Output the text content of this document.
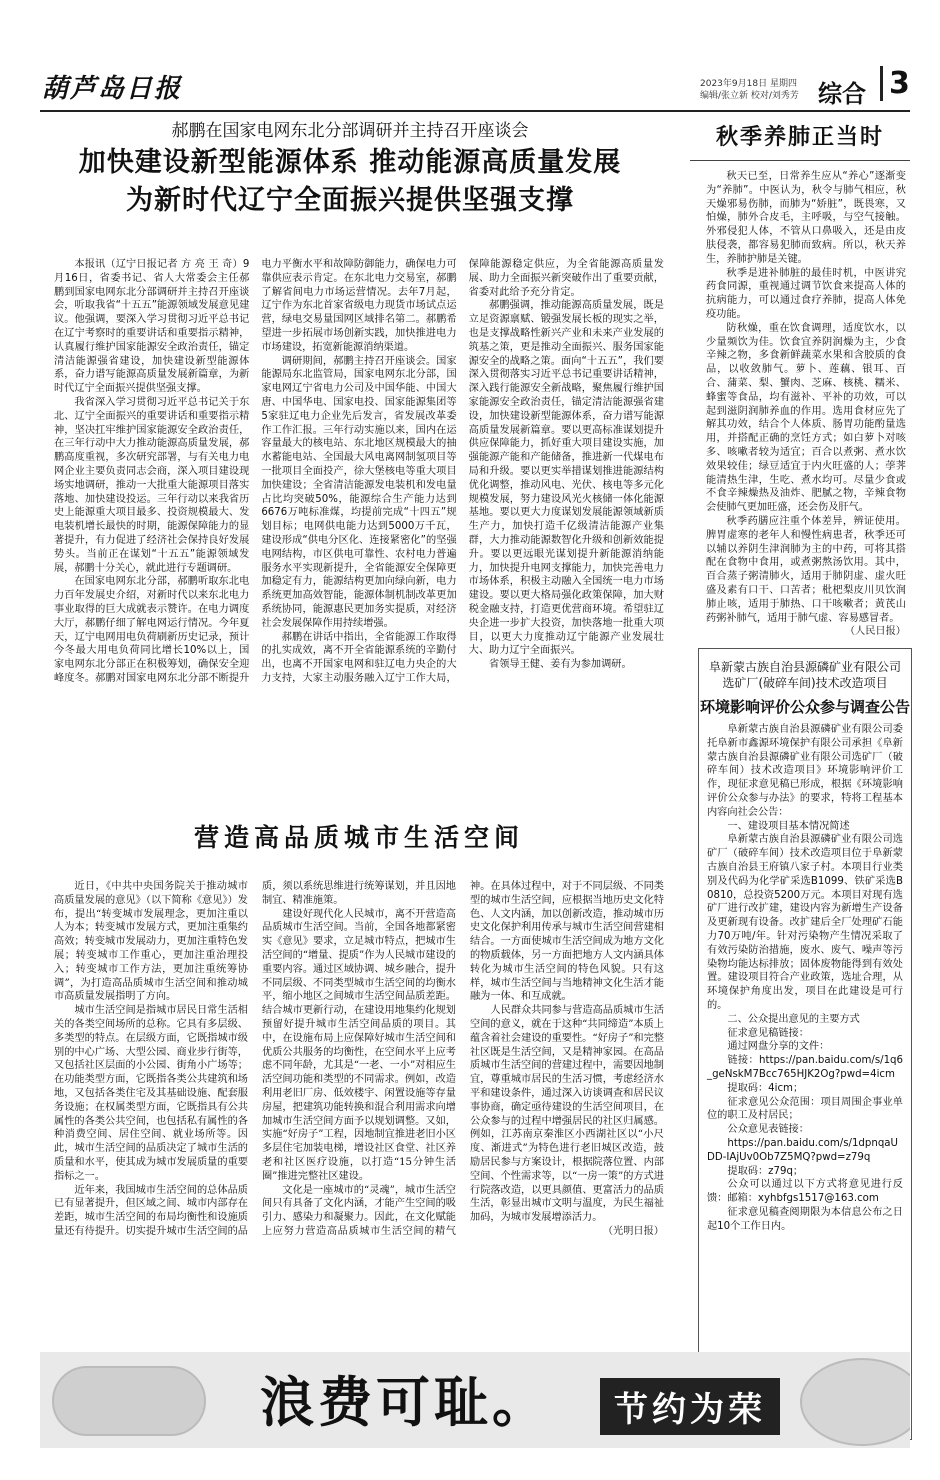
葫芦岛日报	2023年9月18日 星期四
编辑/张立新 校对/刘秀芳 综合 3
郝鹏在国家电网东北分部调研并主持召开座谈会
加快建设新型能源体系 推动能源高质量发展
为新时代辽宁全面振兴提供坚强支撑

本报讯（辽宁日报记者 方 亮 王 奇）9月16日，省委书记、省人大常委会主任郝鹏到国家电网东北分部调研并主持召开座谈会，听取我省“十五五”能源领域发展意见建议。他强调，要深入学习贯彻习近平总书记在辽宁考察时的重要讲话和重要指示精神，认真履行维护国家能源安全政治责任，锚定清洁能源强省建设，加快建设新型能源体系，奋力谱写能源高质量发展新篇章，为新时代辽宁全面振兴提供坚强支撑。

我省深入学习贯彻习近平总书记关于东北、辽宁全面振兴的重要讲话和重要指示精神，坚决扛牢维护国家能源安全政治责任，在三年行动中大力推动能源高质量发展，郝鹏高度重视，多次研究部署，与有关电力电网企业主要负责同志会商，深入项目建设现场实地调研，推动一大批重大能源项目落实落地、加快建设投运。三年行动以来我省历史上能源重大项目最多、投资规模最大、发电装机增长最快的时期，能源保障能力的显著提升，有力促进了经济社会保持良好发展势头。当前正在谋划“十五五”能源领域发展，郝鹏十分关心，就此进行专题调研。

在国家电网东北分部，郝鹏听取东北电力百年发展史介绍，对新时代以来东北电力事业取得的巨大成就表示赞许。在电力调度大厅，郝鹏仔细了解电网运行情况。今年夏天，辽宁电网用电负荷刷新历史记录，预计今冬最大用电负荷同比增长10%以上，国家电网东北分部正在积极筹划，确保安全迎峰度冬。郝鹏对国家电网东北分部不断提升电力平衡水平和故障防御能力，确保电力可靠供应表示肯定。在东北电力交易室，郝鹏了解省间电力市场运营情况。去年7月起，辽宁作为东北首家省级电力现货市场试点运营，绿电交易量国网区域排名第二。郝鹏希望进一步拓展市场创新实践，加快推进电力市场建设，拓宽新能源消纳渠道。

调研期间，郝鹏主持召开座谈会。国家能源局东北监管局，国家电网东北分部，国家电网辽宁省电力公司及中国华能、中国大唐、中国华电、国家电投、国家能源集团等5家驻辽电力企业先后发言，省发展改革委作工作汇报。三年行动实施以来，国内在运容量最大的核电站、东北地区规模最大的抽水蓄能电站、全国最大风电离网制氢项目等一批项目全面投产，徐大堡核电等重大项目加快建设；全省清洁能源发电装机和发电量占比均突破50%，能源综合生产能力达到6676万吨标准煤，均提前完成“十四五”规划目标；电网供电能力达到5000万千瓦，建设形成“供电分区化、连接紧密化”的坚强电网结构，市区供电可靠性、农村电力普遍服务水平实现新提升，全省能源安全保障更加稳定有力，能源结构更加向绿向新，电力系统更加高效智能，能源体制机制改革更加系统协同，能源惠民更加务实提质，对经济社会发展保障作用持续增强。

郝鹏在讲话中指出，全省能源工作取得的扎实成效，离不开全省能源系统的辛勤付出，也离不开国家电网和驻辽电力央企的大力支持，大家主动服务融入辽宁工作大局，保障能源稳定供应，为全省能源高质量发展、助力全面振兴新突破作出了重要贡献，省委对此给予充分肯定。

郝鹏强调，推动能源高质量发展，既是立足资源禀赋、锻强发展长板的现实之举，也是支撑战略性新兴产业和未来产业发展的筑基之策，更是推动全面振兴、服务国家能源安全的战略之策。面向“十五五”，我们要深入贯彻落实习近平总书记重要讲话精神，深入践行能源安全新战略，聚焦履行维护国家能源安全政治责任，锚定清洁能源强省建设，加快建设新型能源体系，奋力谱写能源高质量发展新篇章。要以更高标准谋划提升供应保障能力，抓好重大项目建设实施，加强能源产能和产能储备，推进新一代煤电布局和升级。要以更实举措谋划推进能源结构优化调整，推动风电、光伏、核电等多元化规模发展，努力建设风光火核储一体化能源基地。要以更大力度谋划发展能源领域新质生产力，加快打造千亿级清洁能源产业集群，大力推动能源数智化升级和创新效能提升。要以更远眼光谋划提升新能源消纳能力，加快提升电网支撑能力，加快完善电力市场体系，积极主动融入全国统一电力市场建设。要以更大格局强化政策保障，加大财税金融支持，打造更优营商环境。希望驻辽央企进一步扩大投资，加快落地一批重大项目，以更大力度推动辽宁能源产业发展壮大、助力辽宁全面振兴。

省领导王健、姜有为参加调研。

秋季养肺正当时

秋天已至，日常养生应从“养心”逐渐变为“养肺”。中医认为，秋令与肺气相应，秋天燥邪易伤肺，而肺为“娇脏”，既畏寒，又怕燥，肺外合皮毛，主呼吸，与空气接触。外邪侵犯人体，不管从口鼻吸入，还是由皮肤侵袭，都容易犯肺而致病。所以，秋天养生，养肺护肺是关键。

秋季是进补肺脏的最佳时机，中医讲究药食同源，重视通过调节饮食来提高人体的抗病能力，可以通过食疗养肺，提高人体免疫功能。

防秋燥，重在饮食调理，适度饮水，以少量频饮为佳。饮食宜养阴润燥为主，少食辛辣之物，多食新鲜蔬菜水果和含胶质的食品，以收敛肺气。萝卜、莲藕、银耳、百合、蒲菜、梨、蟹肉、芝麻、核桃、糯米、蜂蜜等食品，均有滋补、平补的功效，可以起到滋阴润肺养血的作用。选用食材应先了解其功效，结合个人体质、肠胃功能酌量选用，并搭配正确的烹饪方式；如白萝卜对咳多、咳嗽者较为适宜；百合以煮粥、煮水饮效果较佳；绿豆适宜于内火旺盛的人；荸荠能清热生津，生吃、煮水均可。尽量少食或不食辛辣燥热及油炸、肥腻之物，辛辣食物会使肺气更加旺盛，还会伤及肝气。

秋季药膳应注重个体差异，辨证使用。脾胃虚寒的老年人和慢性病患者，秋季还可以辅以养阴生津润肺为主的中药，可将其搭配在食物中食用，或煮粥熬汤饮用。其中，百合蒸子粥清肺火，适用于肺阴虚、虚火旺盛及素有口干、口苦者；枇杷梨皮川贝饮润肺止咳，适用于肺热、口干咳嗽者；黄芪山药粥补肺气，适用于肺气虚、容易感冒者。

（人民日报）
阜新蒙古族自治县源磷矿业有限公司
选矿厂(破碎车间)技术改造项目
环境影响评价公众参与调查公告

阜新蒙古族自治县源磷矿业有限公司委托阜新市鑫源环境保护有限公司承担《阜新蒙古族自治县源磷矿业有限公司选矿厂（破碎车间）技术改造项目》环境影响评价工作，现征求意见稿已形成，根据《环境影响评价公众参与办法》的要求，特将工程基本内容向社会公告：

一、建设项目基本情况简述

阜新蒙古族自治县源磷矿业有限公司选矿厂（破碎车间）技术改造项目位于阜新蒙古族自治县王府镇八家子村。本项目行业类别及代码为化学矿采选B1099、铁矿采选B0810，总投资5200万元。本项目对现有选矿厂进行改扩建，建设内容为新增生产设备及更新现有设备。改扩建后全厂处理矿石能力70万吨/年。针对污染物产生情况采取了有效污染防治措施，废水、废气、噪声等污染物均能达标排放；固体废物能得到有效处置。建设项目符合产业政策，选址合理，从环境保护角度出发，项目在此建设是可行的。

二、公众提出意见的主要方式

征求意见稿链接：

通过网盘分享的文件：

链接：https://pan.baidu.com/s/1q6_geNskM7Bcc765HJK2Og?pwd=4icm

提取码：4icm；

征求意见公众范围：项目周围企事业单位的职工及村居民；

公众意见表链接：

https://pan.baidu.com/s/1dpnqaUDD-IAjUv0Ob7Z5MQ?pwd=z79q

提取码：z79q；

公众可以通过以下方式将意见进行反馈：邮箱：xyhbfgs1517@163.com

征求意见稿查阅期限为本信息公布之日起10个工作日内。

营造高品质城市生活空间

近日，《中共中央国务院关于推动城市高质量发展的意见》（以下简称《意见》）发布，提出“转变城市发展理念，更加注重以人为本；转变城市发展方式，更加注重集约高效；转变城市发展动力，更加注重特色发展；转变城市工作重心，更加注重治理投入；转变城市工作方法，更加注重统筹协调”，为打造高品质城市生活空间和推动城市高质量发展指明了方向。

城市生活空间是指城市居民日常生活相关的各类空间场所的总称。它具有多层级、多类型的特点。在层级方面，它既指城市级别的中心广场、大型公园、商业步行街等，又包括社区层面的小公园、街角小广场等；在功能类型方面，它既指各类公共建筑和场地，又包括各类住宅及其基础设施、配套服务设施；在权属类型方面，它既指具有公共属性的各类公共空间，也包括私有属性的各种消费空间、居住空间、就业场所等。因此，城市生活空间的品质决定了城市生活的质量和水平，使其成为城市发展质量的重要指标之一。

近年来，我国城市生活空间的总体品质已有显著提升，但区域之间、城市内部存在差距，城市生活空间的布局均衡性和设施质量还有待提升。切实提升城市生活空间的品质，须以系统思维进行统筹谋划，并且因地制宜、精准施策。

建设好现代化人民城市，离不开营造高品质城市生活空间。当前，全国各地都紧密实《意见》要求，立足城市特点，把城市生活空间的“增量、提质”作为人民城市建设的重要内容。通过区域协调、城乡融合，提升不同层级、不同类型城市生活空间的均衡水平，缩小地区之间城市生活空间品质差距。结合城市更新行动，在建设用地集约化规划预留好提升城市生活空间品质的项目。其中，在设施布局上应保障好城市生活空间和优质公共服务的均衡性，在空间水平上应考虑不同年龄，尤其是“一老、一小”对相应生活空间功能和类型的不同需求。例如，改造利用老旧厂房、低效楼宇、闲置设施等存量房屋，把建筑功能转换和混合利用需求向增加城市生活空间方面予以规划调整。又如，实施“好房子”工程，因地制宜推进老旧小区多层住宅加装电梯，增设社区食堂、社区养老和社区医疗设施，以打造“15分钟生活圈”推进完整社区建设。

文化是一座城市的“灵魂”，城市生活空间只有具备了文化内涵，才能产生空间的吸引力、感染力和凝聚力。因此，在文化赋能上应努力营造高品质城市生活空间的精气神。在具体过程中，对于不同层级、不同类型的城市生活空间，应根据当地历史文化特色、人文内涵，加以创新改造，推动城市历史文化保护利用传承与城市生活空间营建相结合。一方面使城市生活空间成为地方文化的物质载体，另一方面把地方人文内涵具体转化为城市生活空间的特色风貌。只有这样，城市生活空间与当地精神文化生活才能融为一体、和互成就。

人民群众共同参与营造高品质城市生活空间的意义，就在于这种“共同缔造”本质上蕴含着社会建设的重要性。“好房子”和完整社区既是生活空间，又是精神家园。在高品质城市生活空间的营建过程中，需要因地制宜，尊重城市居民的生活习惯，考虑经济水平和建设条件，通过深入访谈调查和居民议事协商，确定亟待建设的生活空间项目，在公众参与的过程中增强居民的社区归属感。例如，江苏南京秦淮区小西湖社区以“小尺度、渐进式”为特色进行老旧城区改造，鼓励居民参与方案设计，根据院落位置、内部空间、个性需求等，以“一房一策”的方式进行院落改造，以更具颜值、更富活力的品质生活，彰显出城市文明与温度，为民生福祉加码，为城市发展增添活力。

（光明日报）
浪费可耻。	节约为荣
